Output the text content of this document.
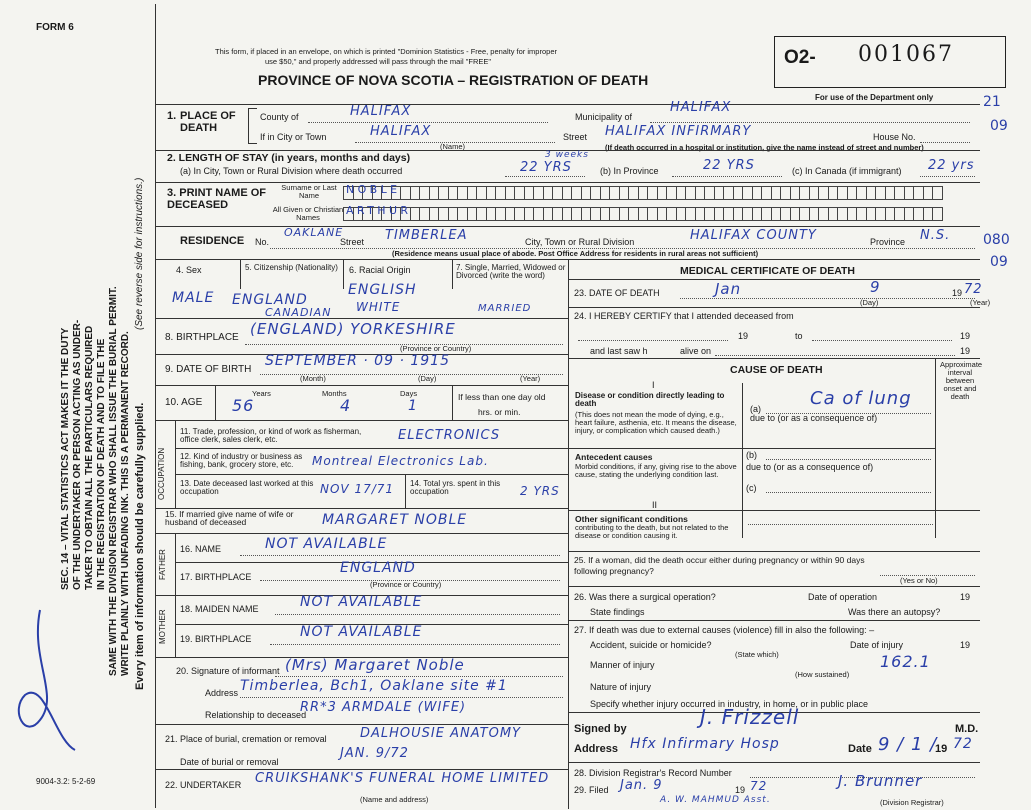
FORM 6
SEC. 14 – VITAL STATISTICS ACT MAKES IT THE DUTY OF THE UNDERTAKER OR PERSON ACTING AS UNDER- TAKER TO OBTAIN ALL THE PARTICULARS REQUIRED IN THE REGISTRATION OF DEATH AND TO FILE THE SAME WITH THE DIVISION REGISTRAR WHO SHALL ISSUE THE BURIAL PERMIT. WRITE PLAINLY WITH UNFADING INK. THIS IS A PERMANENT RECORD.
(See reverse side for instructions.)
Every item of information should be carefully supplied.
9004-3.2: 5-2-69
This form, if placed in an envelope, on which is printed "Dominion Statistics - Free, penalty for improper
use $50," and properly addressed will pass through the mail "FREE"
PROVINCE OF NOVA SCOTIA – REGISTRATION OF DEATH
O2- 001067
For use of the Department only	21
09
080
09
1. PLACE OF DEATH
County of	HALIFAX	Municipality of
HALIFAX
If in City or Town	HALIFAX
(Name)
Street HALIFAX INFIRMARY	House No.
(If death occurred in a hospital or institution, give the name instead of street and number)
2. LENGTH OF STAY (in years, months and days)
(a) In City, Town or Rural Division where death occurred	22 YRS
3 weeks
(b) In Province	22 YRS	(c) In Canada (if immigrant) 22 yrs
3. PRINT NAME OF DECEASED
Surname or Last Name
All Given or Christian Names
NOBLE
ARTHUR
RESIDENCE No.
OAKLANE
Street TIMBERLEA	City, Town or Rural Division	HALIFAX COUNTY	Province N.S.
(Residence means usual place of abode. Post Office Address for residents in rural areas not sufficient)
4. Sex	5. Citizenship (Nationality) 6. Racial Origin	7. Single, Married, Widowed or Divorced (write the word)
MALE ENGLAND
CANADIAN
ENGLISH
WHITE	MARRIED
8. BIRTHPLACE (ENGLAND) YORKESHIRE
(Province or Country)
9. DATE OF BIRTH
SEPTEMBER · 09 · 1915
(Month)	(Day)	(Year)
10. AGE
Years	Months	Days
56	4	1
If less than one day old
hrs. or min.
OCCUPATION
11. Trade, profession, or kind of work as fisherman, office clerk, sales clerk, etc.	ELECTRONICS
12. Kind of industry or business as fishing, bank, grocery store, etc.	Montreal Electronics Lab.
13. Date deceased last worked at this occupation	NOV 17/71 14. Total yrs. spent in this occupation	2 YRS
15. If married give name of wife or husband of deceased	MARGARET NOBLE
FATHER
16. NAME	NOT AVAILABLE
17. BIRTHPLACE
ENGLAND
(Province or Country)
MOTHER
18. MAIDEN NAME	NOT AVAILABLE
19. BIRTHPLACE	NOT AVAILABLE
20. Signature of informant (Mrs) Margaret Noble
Address Timberlea, Bch1, Oaklane site #1
Relationship to deceased
RR*3 ARMDALE (WIFE)
21. Place of burial, cremation or removal	DALHOUSIE ANATOMY
Date of burial or removal
JAN. 9/72
22. UNDERTAKER CRUIKSHANK'S FUNERAL HOME LIMITED
(Name and address)
MEDICAL CERTIFICATE OF DEATH
23. DATE OF DEATH	Jan	9	19 72
(Day)	(Year)
24. I HEREBY CERTIFY that I attended deceased from
19	to	19
and last saw h	alive on	19
CAUSE OF DEATH	Approximate interval between onset and death
I
Disease or condition directly leading to death
(This does not mean the mode of dying, e.g., heart failure, asthenia, etc. It means the disease, injury, or complication which caused death.)
(a)	Ca of lung
due to (or as a consequence of)
Antecedent causes
Morbid conditions, if any, giving rise to the above cause, stating the underlying condition last.
(b)
due to (or as a consequence of)
(c)
II
Other significant conditions
contributing to the death, but not related to the disease or condition causing it.
25. If a woman, did the death occur either during pregnancy or within 90 days following pregnancy?
(Yes or No)
26. Was there a surgical operation?	Date of operation	19
State findings	Was there an autopsy?
27. If death was due to external causes (violence) fill in also the following: –
Accident, suicide or homicide?
(State which)
Date of injury	19
Manner of injury	162.1
(How sustained)
Nature of injury
Specify whether injury occurred in industry, in home, or in public place
Signed by	J. Frizzell	M.D.
Address Hfx Infirmary Hosp	Date 9 / 1 /
19 72
28. Division Registrar's Record Number
29. Filed Jan. 9	19 72	J. Brunner
A. W. MAHMUD Asst.	(Division Registrar)
